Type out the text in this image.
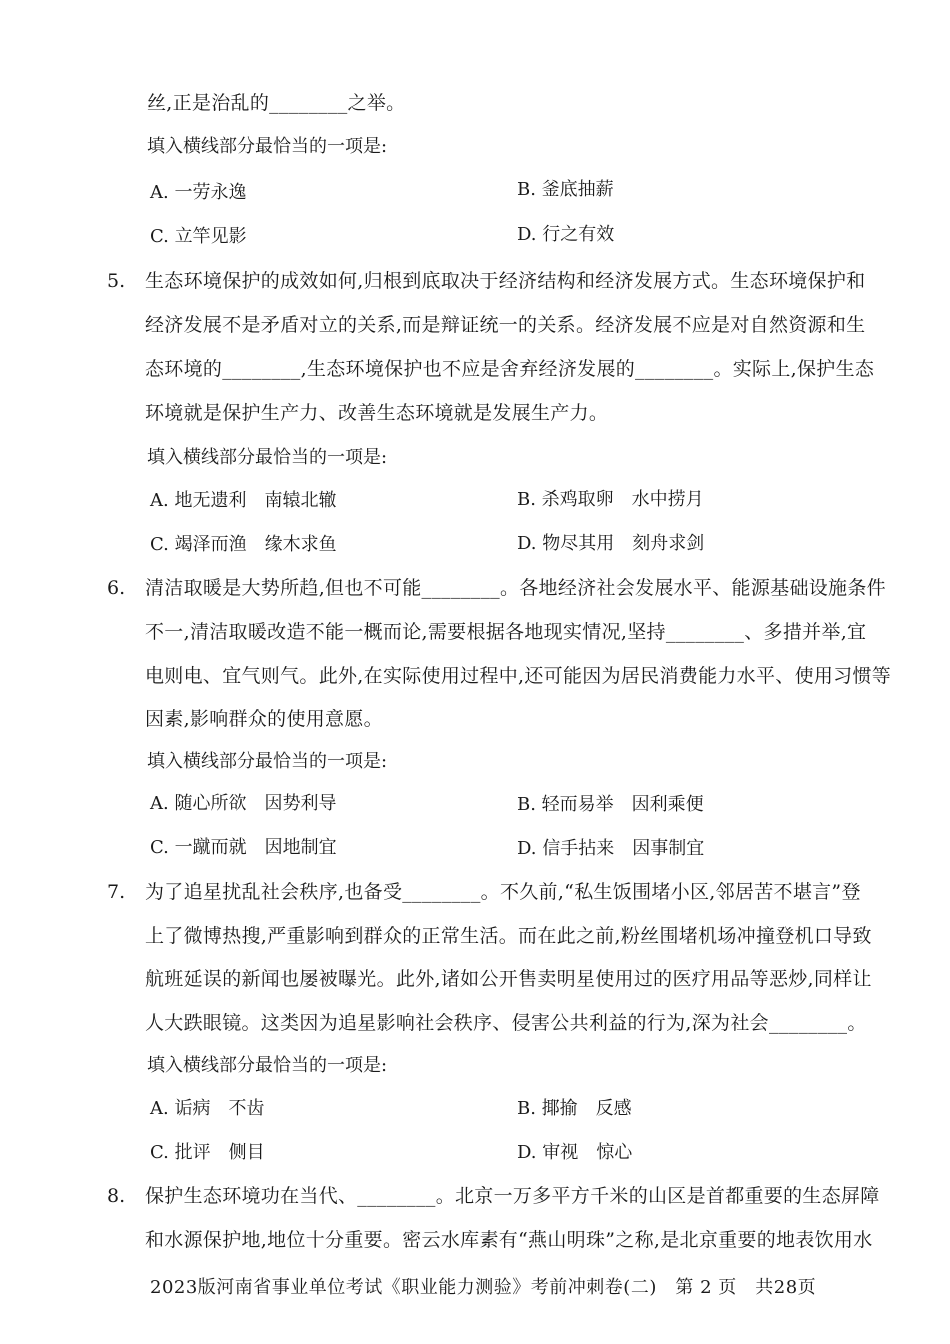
丝,正是治乱的________之举。
填入横线部分最恰当的一项是:
A. 一劳永逸	B. 釜底抽薪
C. 立竿见影	D. 行之有效
5. 生态环境保护的成效如何,归根到底取决于经济结构和经济发展方式。生态环境保护和
经济发展不是矛盾对立的关系,而是辩证统一的关系。经济发展不应是对自然资源和生
态环境的________,生态环境保护也不应是舍弃经济发展的________。实际上,保护生态
环境就是保护生产力、改善生态环境就是发展生产力。
填入横线部分最恰当的一项是:
A. 地无遗利　南辕北辙	B. 杀鸡取卵　水中捞月
C. 竭泽而渔　缘木求鱼	D. 物尽其用　刻舟求剑
6. 清洁取暖是大势所趋,但也不可能________。各地经济社会发展水平、能源基础设施条件
不一,清洁取暖改造不能一概而论,需要根据各地现实情况,坚持________、多措并举,宜
电则电、宜气则气。此外,在实际使用过程中,还可能因为居民消费能力水平、使用习惯等
因素,影响群众的使用意愿。
填入横线部分最恰当的一项是:
A. 随心所欲　因势利导	B. 轻而易举　因利乘便
C. 一蹴而就　因地制宜	D. 信手拈来　因事制宜
7. 为了追星扰乱社会秩序,也备受________。不久前,“私生饭围堵小区,邻居苦不堪言”登
上了微博热搜,严重影响到群众的正常生活。而在此之前,粉丝围堵机场冲撞登机口导致
航班延误的新闻也屡被曝光。此外,诸如公开售卖明星使用过的医疗用品等恶炒,同样让
人大跌眼镜。这类因为追星影响社会秩序、侵害公共利益的行为,深为社会________。
填入横线部分最恰当的一项是:
A. 诟病　不齿	B. 揶揄　反感
C. 批评　侧目	D. 审视　惊心
8. 保护生态环境功在当代、________。北京一万多平方千米的山区是首都重要的生态屏障
和水源保护地,地位十分重要。密云水库素有“燕山明珠”之称,是北京重要的地表饮用水
2023版河南省事业单位考试《职业能力测验》考前冲刺卷(二)　第 2 页　共28页
